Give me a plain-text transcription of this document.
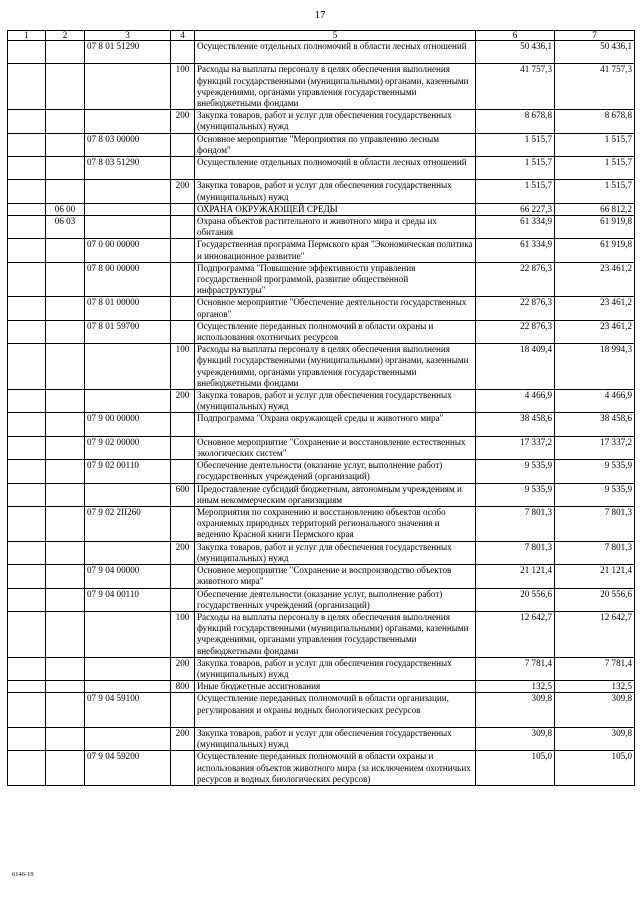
17
1	2	3	4	5	6	7
		07 8 01 51290		Осуществление отдельных полномочий в области лесных отношений	50 436,1	50 436,1
			100	Расходы на выплаты персоналу в целях обеспечения выполнения функций государственными (муниципальными) органами, казенными учреждениями, органами управления государственными внебюджетными фондами	41 757,3	41 757,3
			200	Закупка товаров, работ и услуг для обеспечения государственных (муниципальных) нужд	8 678,8	8 678,8
		07 8 03 00000		Основное мероприятие "Мероприятия по управлению лесным фондом"	1 515,7	1 515,7
		07 8 03 51290		Осуществление отдельных полномочий в области лесных отношений	1 515,7	1 515,7
			200	Закупка товаров, работ и услуг для обеспечения государственных (муниципальных) нужд	1 515,7	1 515,7
	06 00			ОХРАНА ОКРУЖАЮЩЕЙ СРЕДЫ	66 227,3	66 812,2
	06 03			Охрана объектов растительного и животного мира и среды их обитания	61 334,9	61 919,8
		07 0 00 00000		Государственная программа Пермского края "Экономическая политика и инновационное развитие"	61 334,9	61 919,8
		07 8 00 00000		Подпрограмма "Повышение эффективности управления государственной программой, развитие общественной инфраструктуры"	22 876,3	23 461,2
		07 8 01 00000		Основное мероприятие "Обеспечение деятельности государственных органов"	22 876,3	23 461,2
		07 8 01 59700		Осуществление переданных полномочий в области охраны и использования охотничьих ресурсов	22 876,3	23 461,2
			100	Расходы на выплаты персоналу в целях обеспечения выполнения функций государственными (муниципальными) органами, казенными учреждениями, органами управления государственными внебюджетными фондами	18 409,4	18 994,3
			200	Закупка товаров, работ и услуг для обеспечения государственных (муниципальных) нужд	4 466,9	4 466,9
		07 9 00 00000		Подпрограмма "Охрана окружающей среды и животного мира"	38 458,6	38 458,6
		07 9 02 00000		Основное мероприятие "Сохранение и восстановление естественных экологических систем"	17 337,2	17 337,2
		07 9 02 00110		Обеспечение деятельности (оказание услуг, выполнение работ) государственных учреждений (организаций)	9 535,9	9 535,9
			600	Предоставление субсидий бюджетным, автономным учреждениям и иным некоммерческим организациям	9 535,9	9 535,9
		07 9 02 2II260		Мероприятия по сохранению и восстановлению объектов особо охраняемых природных территорий регионального значения и ведению Красной книги Пермского края	7 801,3	7 801,3
			200	Закупка товаров, работ и услуг для обеспечения государственных (муниципальных) нужд	7 801,3	7 801,3
		07 9 04 00000		Основное мероприятие "Сохранение и воспроизводство объектов животного мира"	21 121,4	21 121,4
		07 9 04 00110		Обеспечение деятельности (оказание услуг, выполнение работ) государственных учреждений (организаций)	20 556,6	20 556,6
			100	Расходы на выплаты персоналу в целях обеспечения выполнения функций государственными (муниципальными) органами, казенными учреждениями, органами управления государственными внебюджетными фондами	12 642,7	12 642,7
			200	Закупка товаров, работ и услуг для обеспечения государственных (муниципальных) нужд	7 781,4	7 781,4
			800	Иные бюджетные ассигнования	132,5	132,5
		07 9 04 59100		Осуществление переданных полномочий в области организации, регулирования и охраны водных биологических ресурсов	309,8	309,8
			200	Закупка товаров, работ и услуг для обеспечения государственных (муниципальных) нужд	309,8	309,8
		07 9 04 59200		Осуществление переданных полномочий в области охраны и использования объектов животного мира (за исключением охотничьих ресурсов и водных биологических ресурсов)	105,0	105,0
6146-19
